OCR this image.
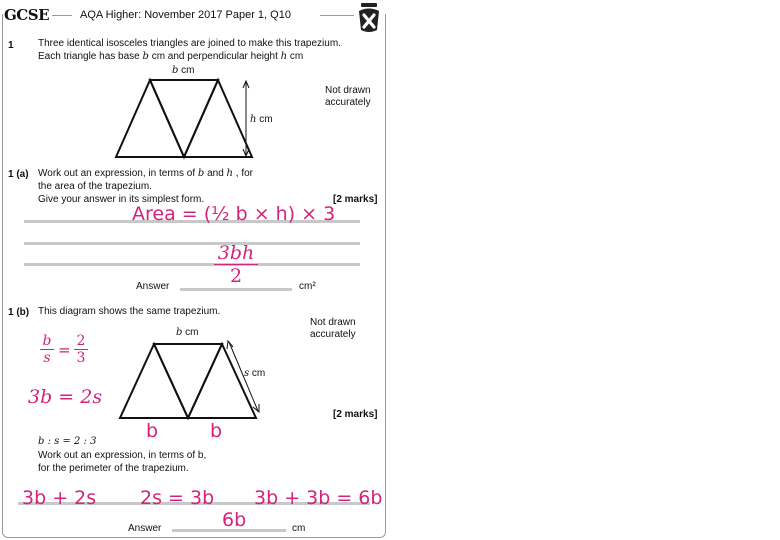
GCSE	AQA Higher: November 2017 Paper 1, Q10
1 Three identical isosceles triangles are joined to make this trapezium.
Each triangle has base b cm and perpendicular height h cm
b cm
h cm
Not drawn
accurately
1 (a) Work out an expression, in terms of b and h , for
the area of the trapezium.
Give your answer in its simplest form.	[2 marks]
Area = (½ b × h) × 3
Answer
3bh
2	cm²
1 (b) This diagram shows the same trapezium.
Not drawn
accurately
b cm
s cm
[2 marks]
b
s = 2
3
3b = 2s
b	b
b : s = 2 : 3
Work out an expression, in terms of b,
for the perimeter of the trapezium.
3b + 2s 2s = 3b 3b + 3b = 6b
Answer	6b	cm
